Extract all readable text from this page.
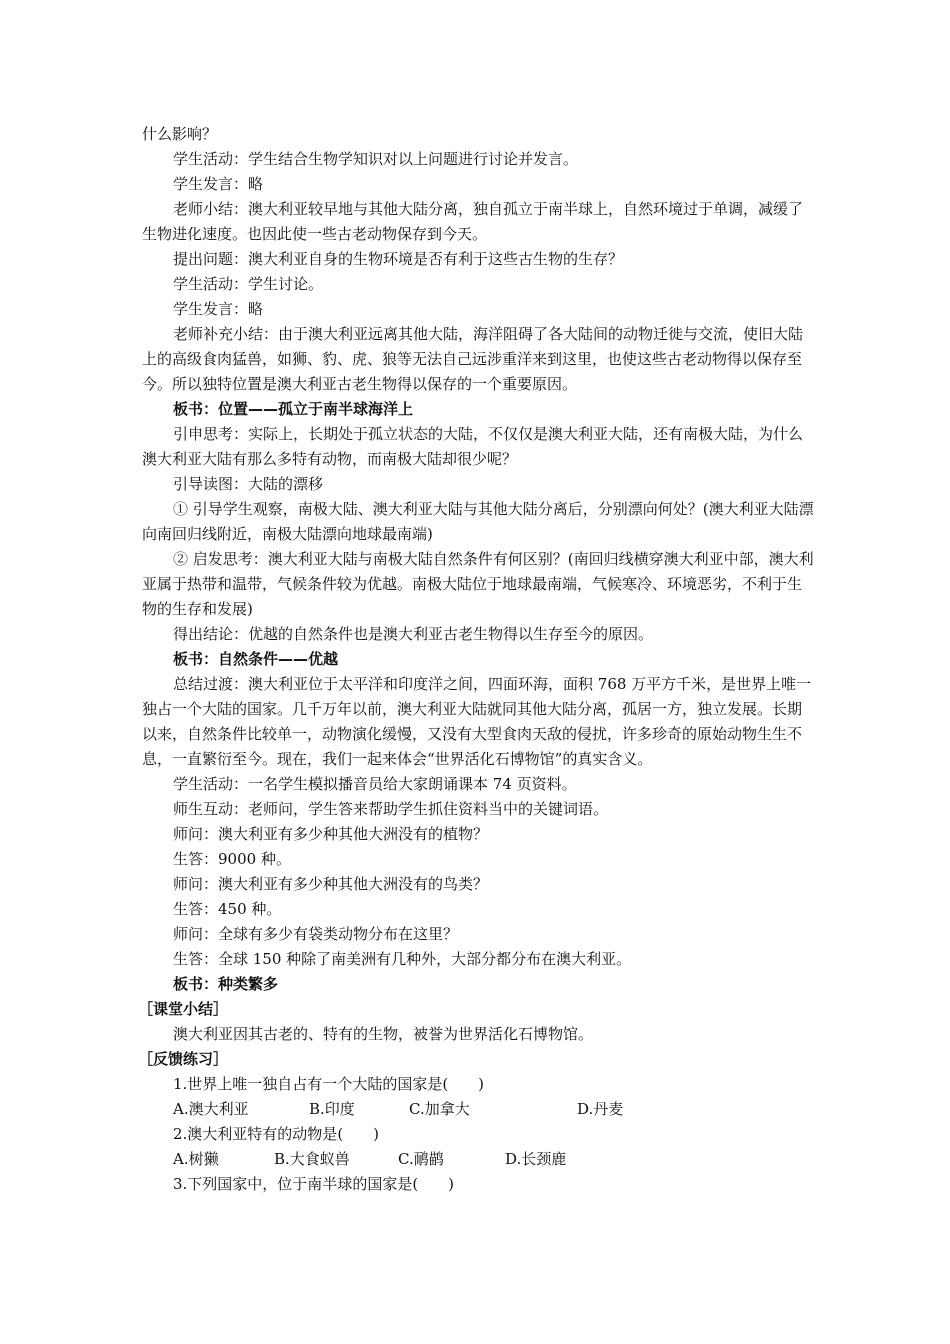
什么影响？

学生活动：学生结合生物学知识对以上问题进行讨论并发言。

学生发言：略

老师小结：澳大利亚较早地与其他大陆分离，独自孤立于南半球上，自然环境过于单调，减缓了生物进化速度。也因此使一些古老动物保存到今天。

提出问题：澳大利亚自身的生物环境是否有利于这些古生物的生存？

学生活动：学生讨论。

学生发言：略

老师补充小结：由于澳大利亚远离其他大陆，海洋阻碍了各大陆间的动物迁徙与交流，使旧大陆上的高级食肉猛兽，如狮、豹、虎、狼等无法自己远涉重洋来到这里，也使这些古老动物得以保存至今。所以独特位置是澳大利亚古老生物得以保存的一个重要原因。

板书：位置——孤立于南半球海洋上

引申思考：实际上，长期处于孤立状态的大陆，不仅仅是澳大利亚大陆，还有南极大陆，为什么澳大利亚大陆有那么多特有动物，而南极大陆却很少呢？

引导读图：大陆的漂移

① 引导学生观察，南极大陆、澳大利亚大陆与其他大陆分离后，分别漂向何处？(澳大利亚大陆漂向南回归线附近，南极大陆漂向地球最南端)

② 启发思考：澳大利亚大陆与南极大陆自然条件有何区别？(南回归线横穿澳大利亚中部，澳大利亚属于热带和温带，气候条件较为优越。南极大陆位于地球最南端，气候寒冷、环境恶劣，不利于生物的生存和发展)

得出结论：优越的自然条件也是澳大利亚古老生物得以生存至今的原因。

板书：自然条件——优越

总结过渡：澳大利亚位于太平洋和印度洋之间，四面环海，面积 768 万平方千米，是世界上唯一独占一个大陆的国家。几千万年以前，澳大利亚大陆就同其他大陆分离，孤居一方，独立发展。长期以来，自然条件比较单一，动物演化缓慢，又没有大型食肉天敌的侵扰，许多珍奇的原始动物生生不息，一直繁衍至今。现在，我们一起来体会“世界活化石博物馆”的真实含义。

学生活动：一名学生模拟播音员给大家朗诵课本 74 页资料。

师生互动：老师问，学生答来帮助学生抓住资料当中的关键词语。

师问：澳大利亚有多少种其他大洲没有的植物？

生答：9000 种。

师问：澳大利亚有多少种其他大洲没有的鸟类？

生答：450 种。

师问：全球有多少有袋类动物分布在这里？

生答：全球 150 种除了南美洲有几种外，大部分都分布在澳大利亚。

板书：种类繁多

［课堂小结］

澳大利亚因其古老的、特有的生物，被誉为世界活化石博物馆。

［反馈练习］

1.世界上唯一独自占有一个大陆的国家是(　　)

A.澳大利亚	B.印度	C.加拿大	D.丹麦

2.澳大利亚特有的动物是(　　)

A.树獭	B.大食蚁兽	C.鸸鹋	D.长颈鹿

3.下列国家中，位于南半球的国家是(　　)
